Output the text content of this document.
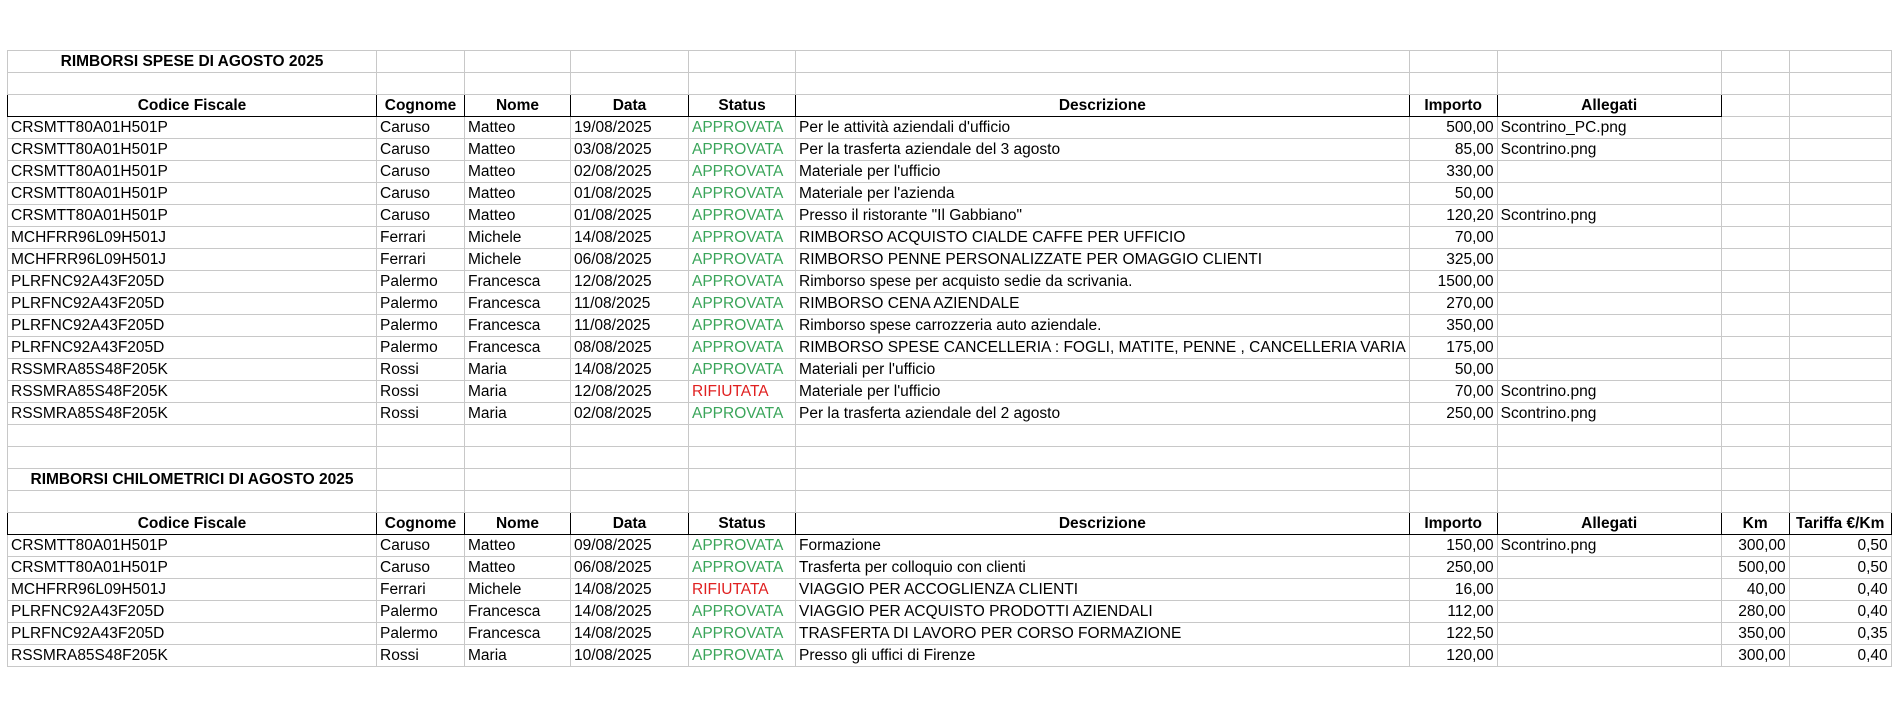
RIMBORSI SPESE DI AGOSTO 2025									

Codice Fiscale	Cognome	Nome	Data	Status	Descrizione	Importo	Allegati		
CRSMTT80A01H501P	Caruso	Matteo	19/08/2025	APPROVATA	Per le attività aziendali d'ufficio	500,00	Scontrino_PC.png		
CRSMTT80A01H501P	Caruso	Matteo	03/08/2025	APPROVATA	Per la trasferta aziendale del 3 agosto	85,00	Scontrino.png		
CRSMTT80A01H501P	Caruso	Matteo	02/08/2025	APPROVATA	Materiale per l'ufficio	330,00			
CRSMTT80A01H501P	Caruso	Matteo	01/08/2025	APPROVATA	Materiale per l'azienda	50,00			
CRSMTT80A01H501P	Caruso	Matteo	01/08/2025	APPROVATA	Presso il ristorante "Il Gabbiano"	120,20	Scontrino.png		
MCHFRR96L09H501J	Ferrari	Michele	14/08/2025	APPROVATA	RIMBORSO ACQUISTO CIALDE CAFFE PER UFFICIO	70,00			
MCHFRR96L09H501J	Ferrari	Michele	06/08/2025	APPROVATA	RIMBORSO PENNE PERSONALIZZATE PER OMAGGIO CLIENTI	325,00			
PLRFNC92A43F205D	Palermo	Francesca	12/08/2025	APPROVATA	Rimborso spese per acquisto sedie da scrivania.	1500,00			
PLRFNC92A43F205D	Palermo	Francesca	11/08/2025	APPROVATA	RIMBORSO CENA AZIENDALE	270,00			
PLRFNC92A43F205D	Palermo	Francesca	11/08/2025	APPROVATA	Rimborso spese carrozzeria auto aziendale.	350,00			
PLRFNC92A43F205D	Palermo	Francesca	08/08/2025	APPROVATA	RIMBORSO SPESE CANCELLERIA : FOGLI, MATITE, PENNE , CANCELLERIA VARIA	175,00			
RSSMRA85S48F205K	Rossi	Maria	14/08/2025	APPROVATA	Materiali per l'ufficio	50,00			
RSSMRA85S48F205K	Rossi	Maria	12/08/2025	RIFIUTATA	Materiale per l'ufficio	70,00	Scontrino.png		
RSSMRA85S48F205K	Rossi	Maria	02/08/2025	APPROVATA	Per la trasferta aziendale del 2 agosto	250,00	Scontrino.png		

RIMBORSI CHILOMETRICI DI AGOSTO 2025									

Codice Fiscale	Cognome	Nome	Data	Status	Descrizione	Importo	Allegati	Km	Tariffa €/Km
CRSMTT80A01H501P	Caruso	Matteo	09/08/2025	APPROVATA	Formazione	150,00	Scontrino.png	300,00	0,50
CRSMTT80A01H501P	Caruso	Matteo	06/08/2025	APPROVATA	Trasferta per colloquio con clienti	250,00		500,00	0,50
MCHFRR96L09H501J	Ferrari	Michele	14/08/2025	RIFIUTATA	VIAGGIO PER ACCOGLIENZA CLIENTI	16,00		40,00	0,40
PLRFNC92A43F205D	Palermo	Francesca	14/08/2025	APPROVATA	VIAGGIO PER ACQUISTO PRODOTTI AZIENDALI	112,00		280,00	0,40
PLRFNC92A43F205D	Palermo	Francesca	14/08/2025	APPROVATA	TRASFERTA DI LAVORO PER CORSO FORMAZIONE	122,50		350,00	0,35
RSSMRA85S48F205K	Rossi	Maria	10/08/2025	APPROVATA	Presso gli uffici di Firenze	120,00		300,00	0,40
